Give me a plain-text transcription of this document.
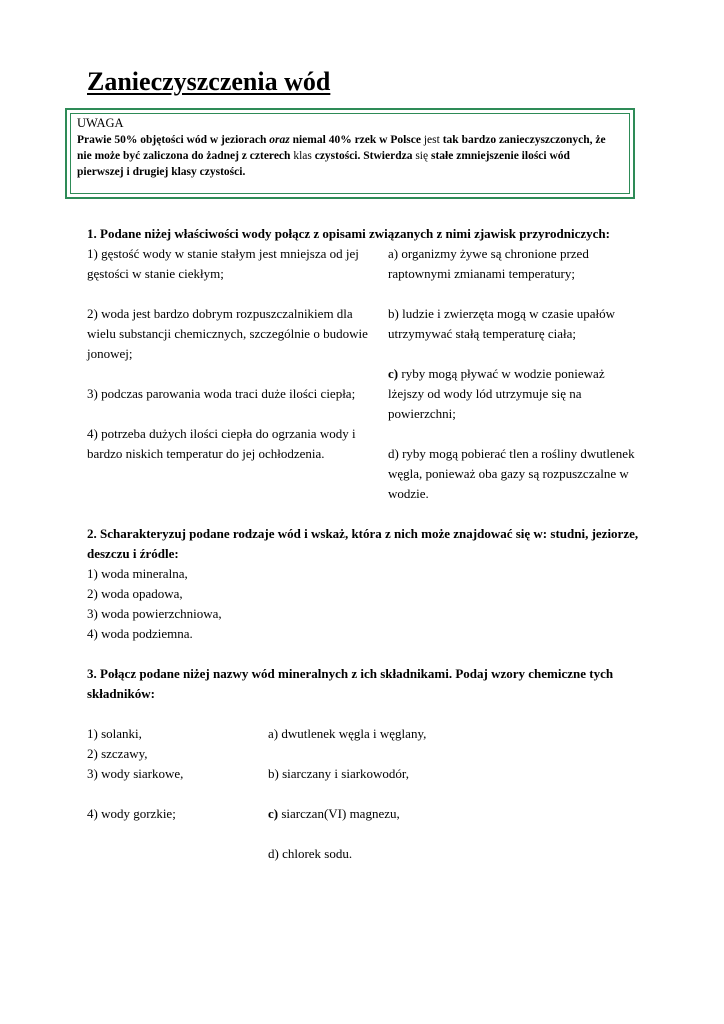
Zanieczyszczenia wód
UWAGA
Prawie 50% objętości wód w jeziorach oraz niemal 40% rzek w Polsce jest tak bardzo zanieczyszczonych, że nie może być zaliczona do żadnej z czterech klas czystości. Stwierdza się stałe zmniejszenie ilości wód pierwszej i drugiej klasy czystości.

1. Podane niżej właściwości wody połącz z opisami związanych z nimi zjawisk przyrodniczych:

1) gęstość wody w stanie stałym jest mniejsza od jej gęstości w stanie ciekłym;

2) woda jest bardzo dobrym rozpuszczalnikiem dla wielu substancji chemicznych, szczególnie o budowie jonowej;

3) podczas parowania woda traci duże ilości ciepła;

4) potrzeba dużych ilości ciepła do ogrzania wody i bardzo niskich temperatur do jej ochłodzenia.

a) organizmy żywe są chronione przed raptownymi zmianami temperatury;

b) ludzie i zwierzęta mogą w czasie upałów utrzymywać stałą temperaturę ciała;

c) ryby mogą pływać w wodzie ponieważ lżejszy od wody lód utrzymuje się na powierzchni;

d) ryby mogą pobierać tlen a rośliny dwutlenek węgla, ponieważ oba gazy są rozpuszczalne w wodzie.

2. Scharakteryzuj podane rodzaje wód i wskaż, która z nich może znajdować się w: studni, jeziorze, deszczu i źródle:

1) woda mineralna,

2) woda opadowa,

3) woda powierzchniowa,

4) woda podziemna.

3. Połącz podane niżej nazwy wód mineralnych z ich składnikami. Podaj wzory chemiczne tych składników:

1) solanki,

2) szczawy,

3) wody siarkowe,

4) wody gorzkie;

a) dwutlenek węgla i węglany,

b) siarczany i siarkowodór,

c) siarczan(VI) magnezu,

d) chlorek sodu.
